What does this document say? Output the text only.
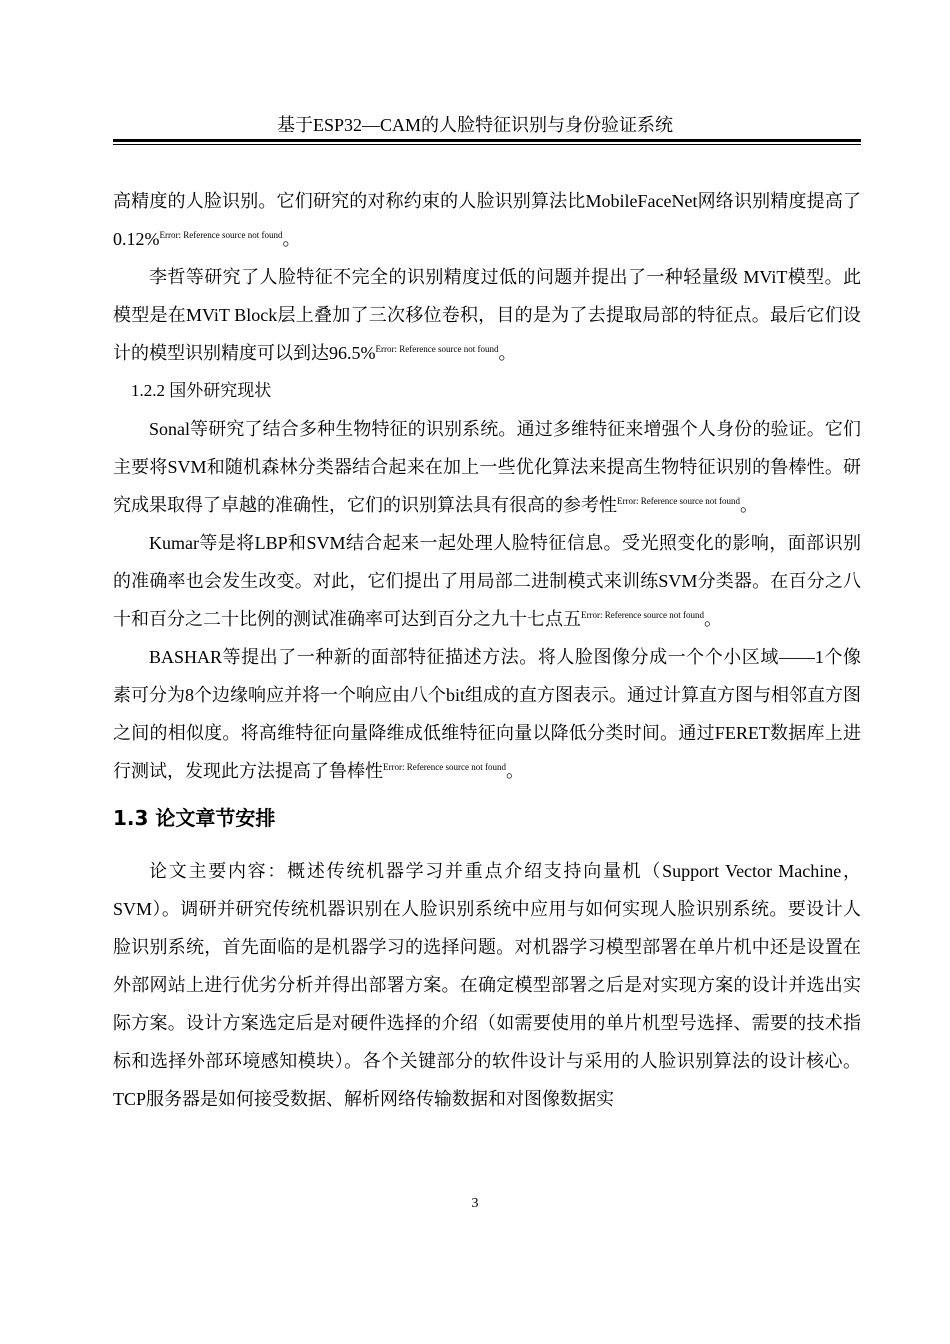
基于ESP32—CAM的人脸特征识别与身份验证系统

高精度的人脸识别。它们研究的对称约束的人脸识别算法比MobileFaceNet网络识别精度提高了0.12%$^{Error: Reference source not found}$。

李哲等研究了人脸特征不完全的识别精度过低的问题并提出了一种轻量级 MViT模型。此模型是在MViT Block层上叠加了三次移位卷积，目的是为了去提取局部的特征点。最后它们设计的模型识别精度可以到达96.5%$^{Error: Reference source not found}$。

1.2.2 国外研究现状

Sonal等研究了结合多种生物特征的识别系统。通过多维特征来增强个人身份的验证。它们主要将SVM和随机森林分类器结合起来在加上一些优化算法来提高生物特征识别的鲁棒性。研究成果取得了卓越的准确性，它们的识别算法具有很高的参考性$^{Error: Reference source not found}$。

Kumar等是将LBP和SVM结合起来一起处理人脸特征信息。受光照变化的影响，面部识别的准确率也会发生改变。对此，它们提出了用局部二进制模式来训练SVM分类器。在百分之八十和百分之二十比例的测试准确率可达到百分之九十七点五$^{Error: Reference source not found}$。

BASHAR等提出了一种新的面部特征描述方法。将人脸图像分成一个个小区域——1个像素可分为8个边缘响应并将一个响应由八个bit组成的直方图表示。通过计算直方图与相邻直方图之间的相似度。将高维特征向量降维成低维特征向量以降低分类时间。通过FERET数据库上进行测试，发现此方法提高了鲁棒性$^{Error: Reference source not found}$。

1.3 论文章节安排

论文主要内容：概述传统机器学习并重点介绍支持向量机（Support Vector Machine，SVM）。调研并研究传统机器识别在人脸识别系统中应用与如何实现人脸识别系统。要设计人脸识别系统，首先面临的是机器学习的选择问题。对机器学习模型部署在单片机中还是设置在外部网站上进行优劣分析并得出部署方案。在确定模型部署之后是对实现方案的设计并选出实际方案。设计方案选定后是对硬件选择的介绍（如需要使用的单片机型号选择、需要的技术指标和选择外部环境感知模块）。各个关键部分的软件设计与采用的人脸识别算法的设计核心。TCP服务器是如何接受数据、解析网络传输数据和对图像数据实

3
